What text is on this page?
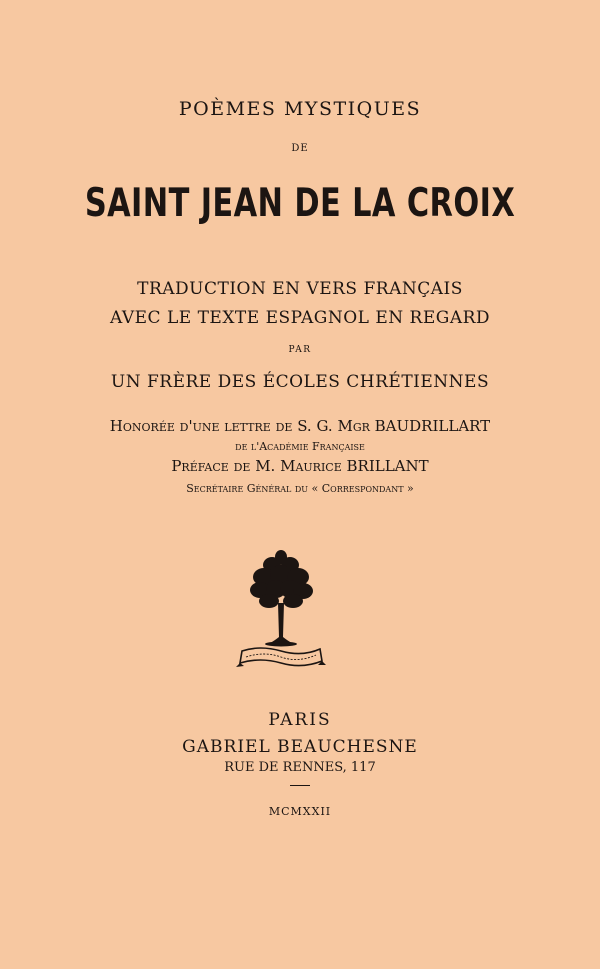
POÈMES MYSTIQUES
DE
SAINT JEAN DE LA CROIX
TRADUCTION EN VERS FRANÇAIS
AVEC LE TEXTE ESPAGNOL EN REGARD
PAR
UN FRÈRE DES ÉCOLES CHRÉTIENNES
Honorée d'une lettre de S. G. Mgr BAUDRILLART
de l'Académie Française
Préface de M. Maurice BRILLANT
Secrétaire Général du « Correspondant »
PARIS
GABRIEL BEAUCHESNE
RUE DE RENNES, 117
MCMXXII
